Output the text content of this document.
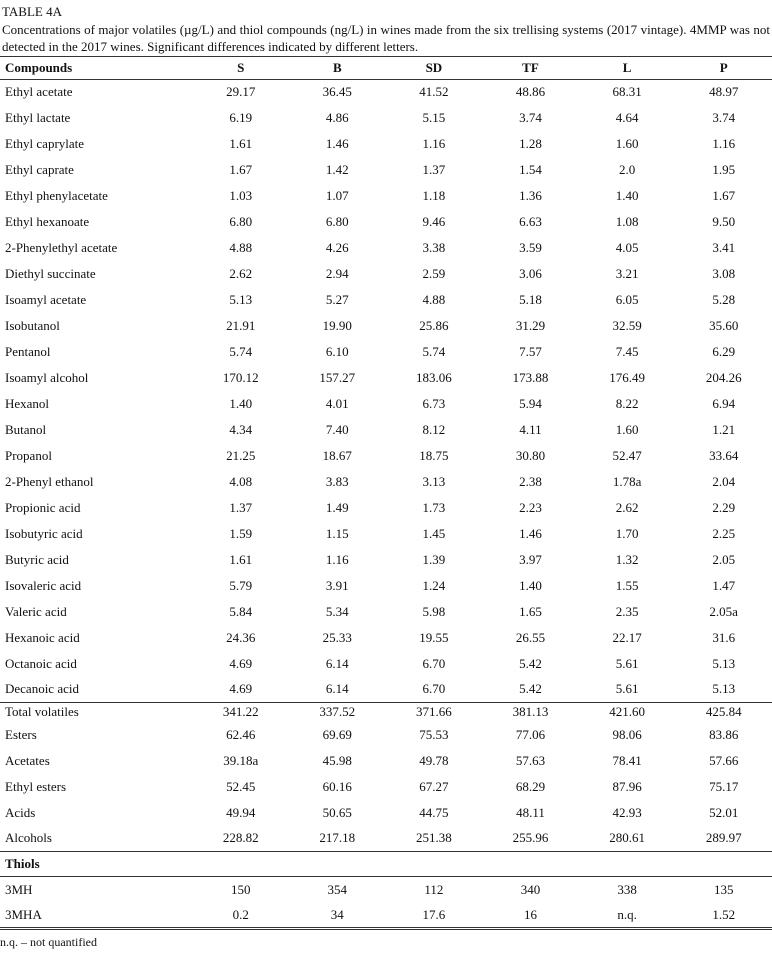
TABLE 4A
Concentrations of major volatiles (µg/L) and thiol compounds (ng/L) in wines made from the six trellising systems (2017 vintage). 4MMP was not detected in the 2017 wines. Significant differences indicated by different letters.
Compounds	S	B	SD	TF	L	P
Ethyl acetate	29.17	36.45	41.52	48.86	68.31	48.97
Ethyl lactate	6.19	4.86	5.15	3.74	4.64	3.74
Ethyl caprylate	1.61	1.46	1.16	1.28	1.60	1.16
Ethyl caprate	1.67	1.42	1.37	1.54	2.0	1.95
Ethyl phenylacetate	1.03	1.07	1.18	1.36	1.40	1.67
Ethyl hexanoate	6.80	6.80	9.46	6.63	1.08	9.50
2-Phenylethyl acetate	4.88	4.26	3.38	3.59	4.05	3.41
Diethyl succinate	2.62	2.94	2.59	3.06	3.21	3.08
Isoamyl acetate	5.13	5.27	4.88	5.18	6.05	5.28
Isobutanol	21.91	19.90	25.86	31.29	32.59	35.60
Pentanol	5.74	6.10	5.74	7.57	7.45	6.29
Isoamyl alcohol	170.12	157.27	183.06	173.88	176.49	204.26
Hexanol	1.40	4.01	6.73	5.94	8.22	6.94
Butanol	4.34	7.40	8.12	4.11	1.60	1.21
Propanol	21.25	18.67	18.75	30.80	52.47	33.64
2-Phenyl ethanol	4.08	3.83	3.13	2.38	1.78a	2.04
Propionic acid	1.37	1.49	1.73	2.23	2.62	2.29
Isobutyric acid	1.59	1.15	1.45	1.46	1.70	2.25
Butyric acid	1.61	1.16	1.39	3.97	1.32	2.05
Isovaleric acid	5.79	3.91	1.24	1.40	1.55	1.47
Valeric acid	5.84	5.34	5.98	1.65	2.35	2.05a
Hexanoic acid	24.36	25.33	19.55	26.55	22.17	31.6
Octanoic acid	4.69	6.14	6.70	5.42	5.61	5.13
Decanoic acid	4.69	6.14	6.70	5.42	5.61	5.13
Total volatiles	341.22	337.52	371.66	381.13	421.60	425.84
Esters	62.46	69.69	75.53	77.06	98.06	83.86
Acetates	39.18a	45.98	49.78	57.63	78.41	57.66
Ethyl esters	52.45	60.16	67.27	68.29	87.96	75.17
Acids	49.94	50.65	44.75	48.11	42.93	52.01
Alcohols	228.82	217.18	251.38	255.96	280.61	289.97
Thiols						
3MH	150	354	112	340	338	135
3MHA	0.2	34	17.6	16	n.q.	1.52
n.q. – not quantified
